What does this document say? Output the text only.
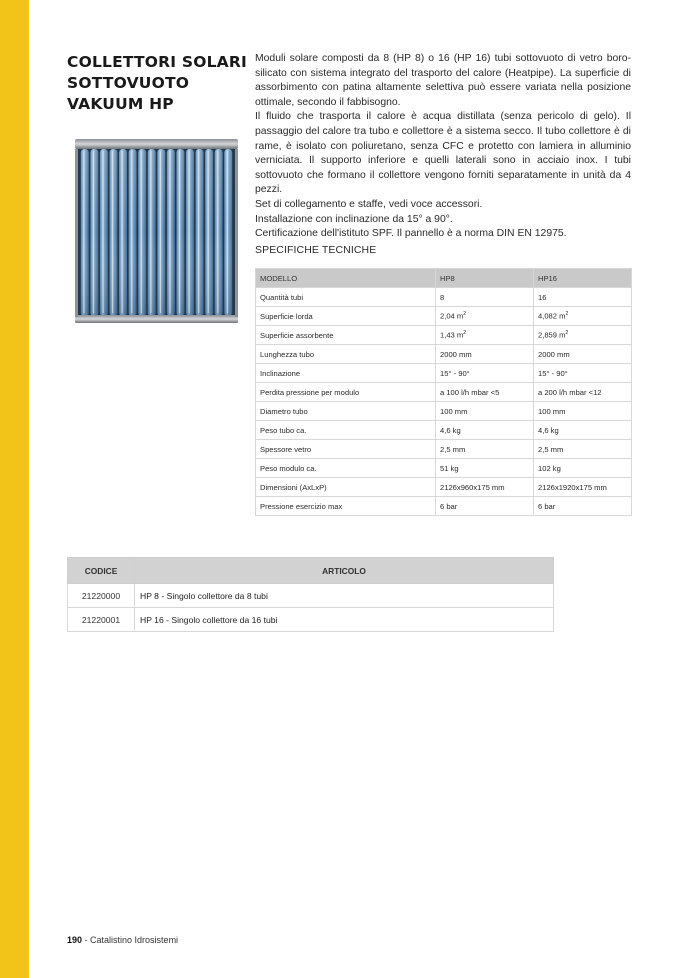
COLLETTORI SOLARI
SOTTOVUOTO
VAKUUM HP

Moduli solare composti da 8 (HP 8) o 16 (HP 16) tubi sottovuoto di vetro boro-silicato con sistema integrato del trasporto del calore (Heatpipe). La superficie di assorbimento con patina altamente selettiva può essere variata nella posizione ottimale, secondo il fabbisogno.

Il fluido che trasporta il calore è acqua distillata (senza pericolo di gelo). Il passaggio del calore tra tubo e collettore è a sistema secco. Il tubo collettore è di rame, è isolato con poliuretano, senza CFC e protetto con lamiera in alluminio verniciata. Il supporto inferiore e quelli laterali sono in acciaio inox. I tubi sottovuoto che formano il collettore vengono forniti separatamente in unità da 4 pezzi.

Set di collegamento e staffe, vedi voce accessori.

Installazione con inclinazione da 15° a 90°.

Certificazione dell'istituto SPF. Il pannello è a norma DIN EN 12975.

SPECIFICHE TECNICHE
MODELLO	HP8	HP16
Quantità tubi	8	16
Superficie lorda	2,04 $m^2$	4,082 $m^2$
Superficie assorbente	1,43 $m^2$	2,859 $m^2$
Lunghezza tubo	2000 mm	2000 mm
Inclinazione	15° - 90°	15° - 90°
Perdita pressione per modulo	a 100 l/h mbar <5	a 200 l/h mbar <12
Diametro tubo	100 mm	100 mm
Peso tubo ca.	4,6 kg	4,6 kg
Spessore vetro	2,5 mm	2,5 mm
Peso modulo ca.	51 kg	102 kg
Dimensioni (AxLxP)	2126x960x175 mm	2126x1920x175 mm
Pressione esercizio max	6 bar	6 bar
CODICE	ARTICOLO
21220000	HP 8 - Singolo collettore da 8 tubi
21220001	HP 16 - Singolo collettore da 16 tubi
190 - Catalistino Idrosistemi
